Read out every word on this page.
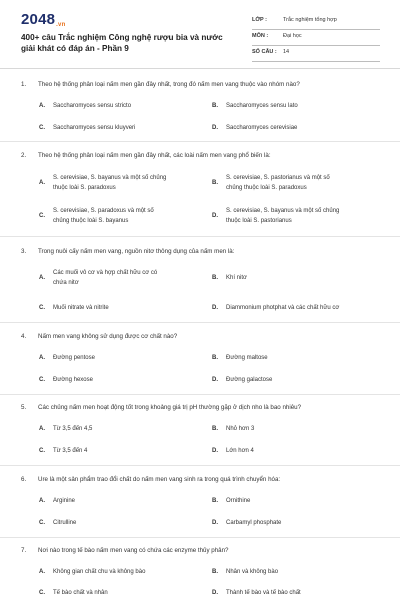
2048.vn
400+ câu Trắc nghiệm Công nghệ rượu bia và nước giải khát có đáp án - Phần 9
LỚP :	Trắc nghiệm tổng hợp
MÔN :	Đại học
SỐ CÂU : 14
1. Theo hệ thống phân loại nấm men gần đây nhất, trong đó nấm men vang thuộc vào nhóm nào?
A. Saccharomyces sensu stricto	B. Saccharomyces sensu lato
C. Saccharomyces sensu kluyveri	D. Saccharomyces cerevisiae
2. Theo hệ thống phân loại nấm men gần đây nhất, các loài nấm men vang phổ biến là:
A.
S. cerevisiae, S. bayanus và một số chủng
thuộc loài S. paradoxus
B.
S. cerevisiae, S. pastorianus và một số
chủng thuộc loài S. paradoxus
C.
S. cerevisiae, S. paradoxus và một số
chủng thuộc loài S. bayanus
D.
S. cerevisiae, S. bayanus và một số chủng
thuộc loài S. pastorianus
3. Trong nuôi cấy nấm men vang, nguồn nitơ thông dụng của nấm men là:
A.
Các muối vô cơ và hợp chất hữu cơ có
chứa nitơ
B. Khí nitơ
C. Muối nitrate và nitrite	D. Diammonium photphat và các chất hữu cơ
4. Nấm men vang không sử dụng được cơ chất nào?
A. Đường pentose	B. Đường maltose
C. Đường hexose	D. Đường galactose
5. Các chủng nấm men hoạt động tốt trong khoảng giá trị pH thường gặp ở dịch nho là bao nhiêu?
A. Từ 3,5 đến 4,5	B. Nhỏ hơn 3
C. Từ 3,5 đến 4	D. Lớn hơn 4
6. Ure là một sản phẩm trao đổi chất do nấm men vang sinh ra trong quá trình chuyển hóa:
A. Arginine	B. Ornithine
C. Citrulline	D. Carbamyl phosphate
7. Nơi nào trong tế bào nấm men vang có chứa các enzyme thủy phân?
A. Không gian chất chu và không bào	B. Nhân và không bào
C. Tế bào chất và nhân	D. Thành tế bào và tế bào chất
